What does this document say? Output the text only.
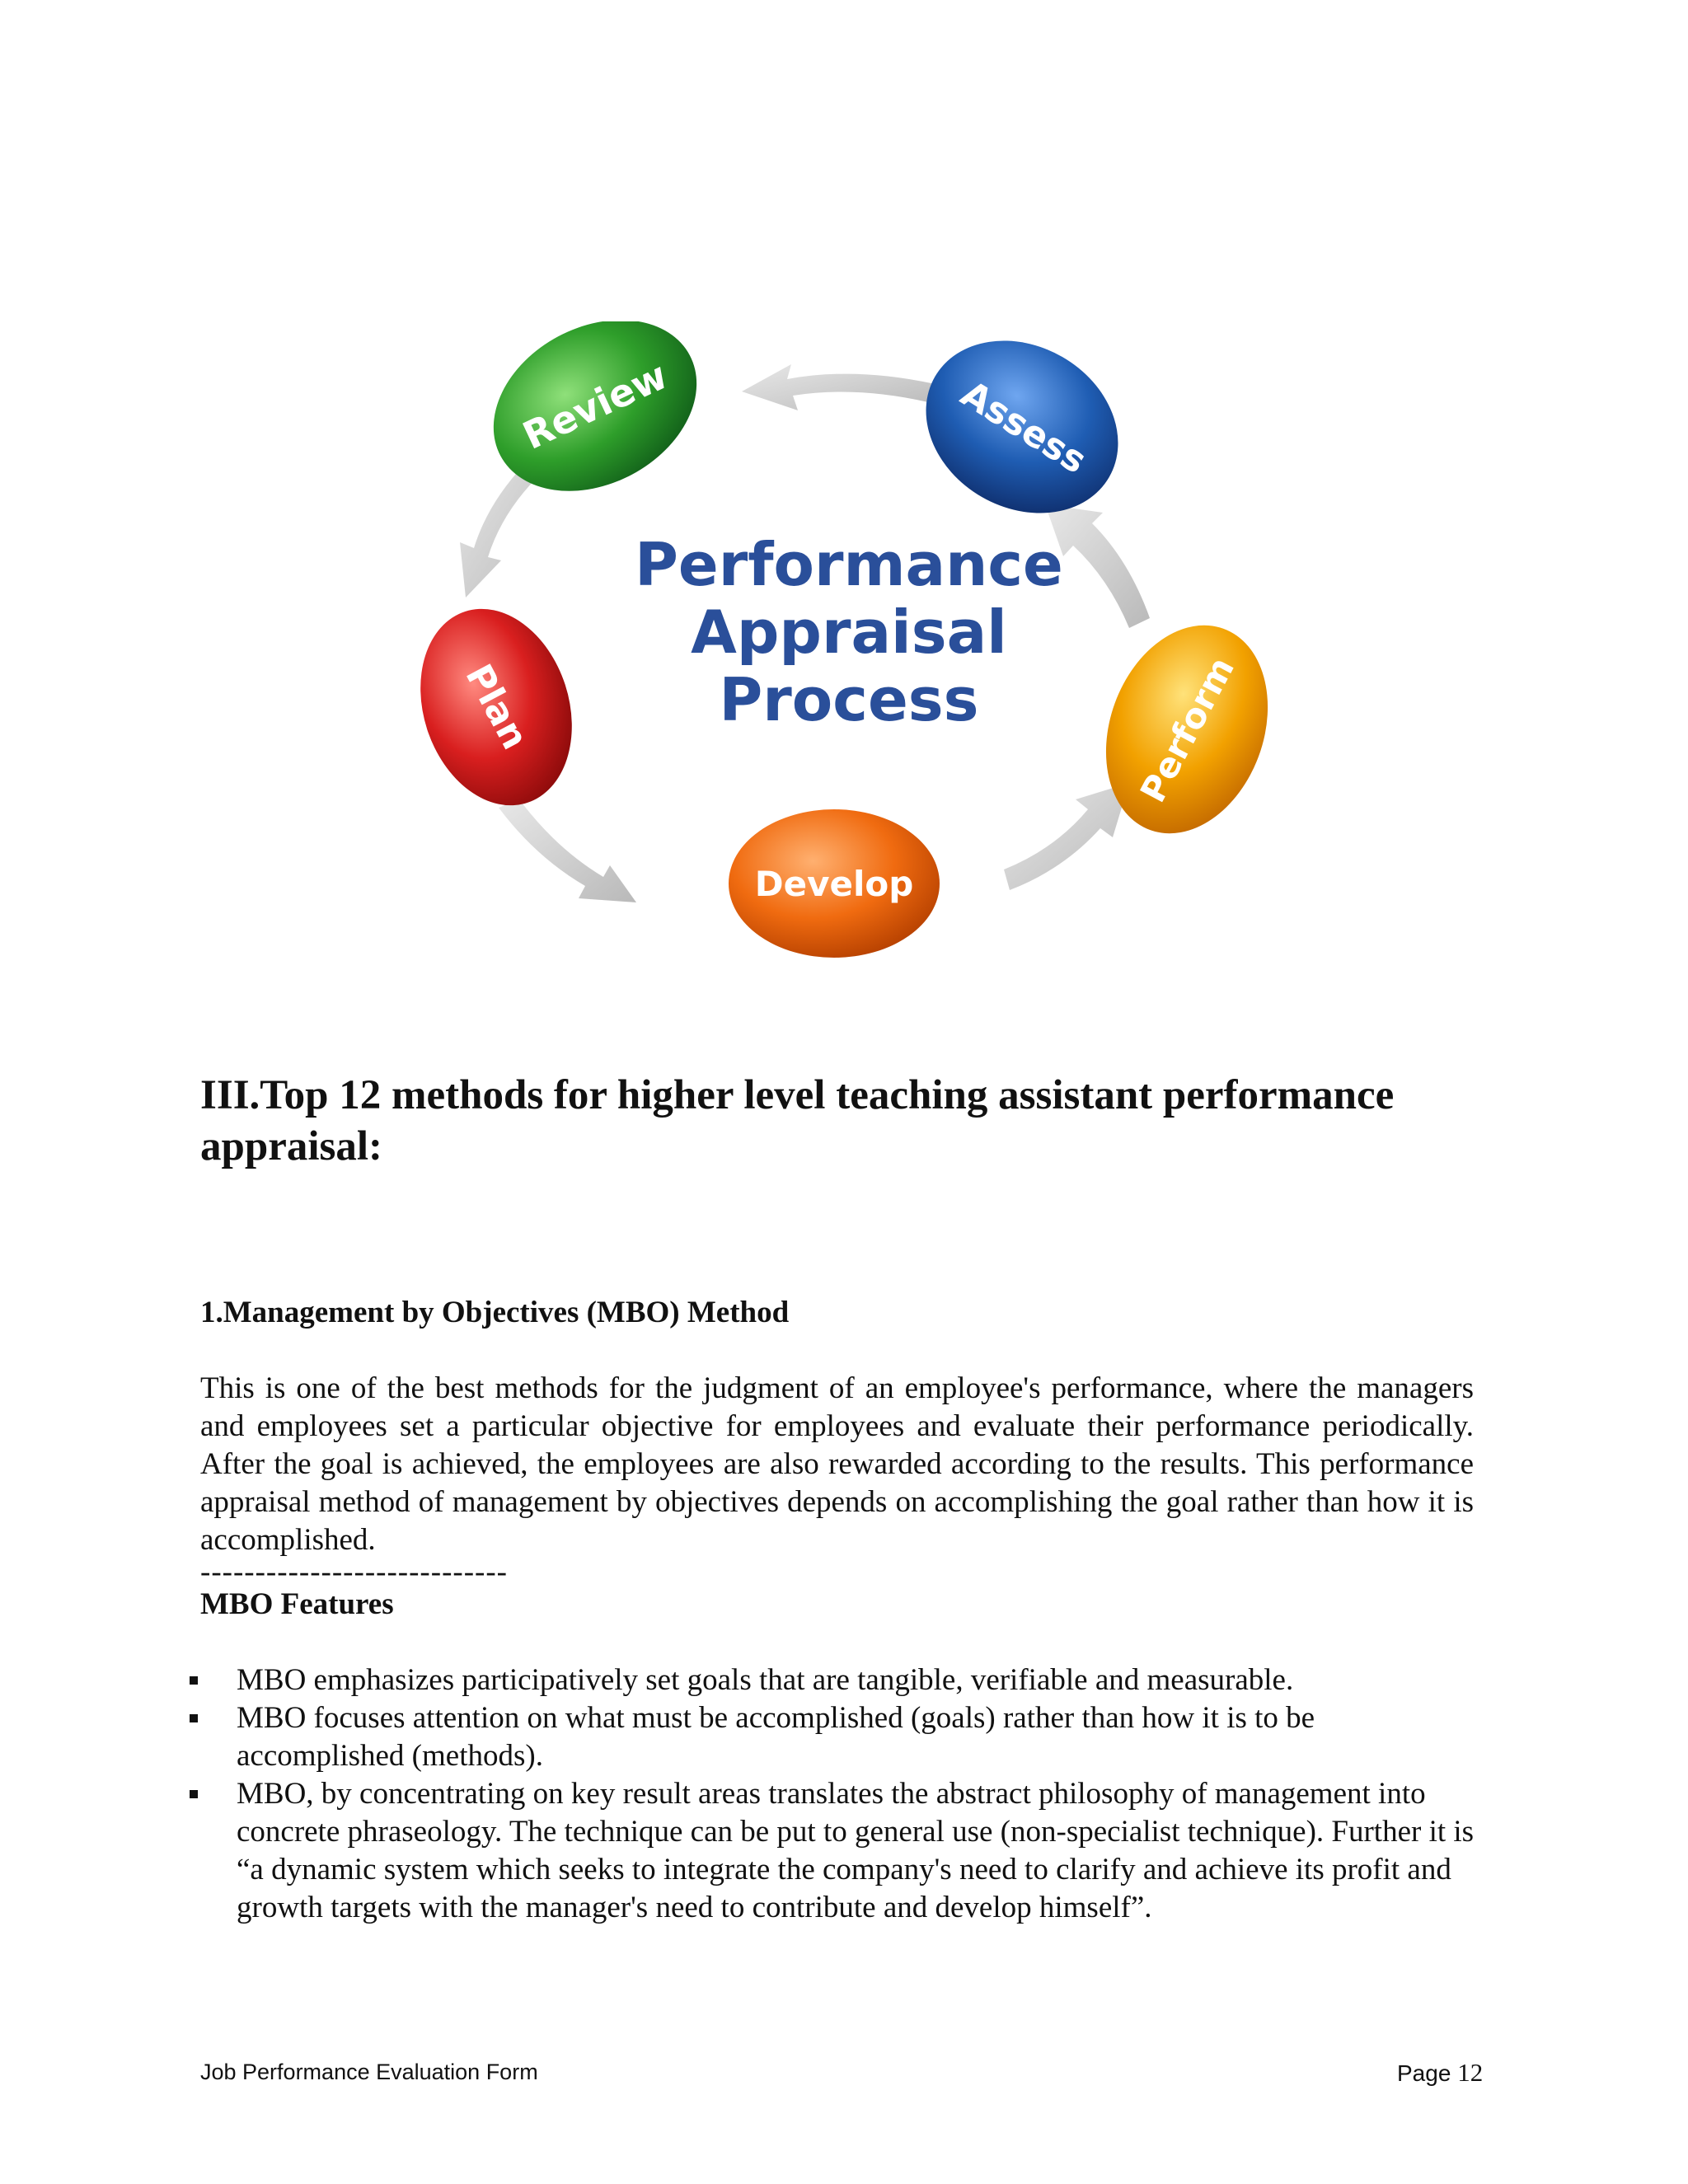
Review	Assess
Perform
Develop
Plan
Performance
Appraisal
Process
III.Top 12 methods for higher level teaching assistant performance appraisal:
1.Management by Objectives (MBO) Method

This is one of the best methods for the judgment of an employee's performance, where the managers and employees set a particular objective for employees and evaluate their performance periodically. After the goal is achieved, the employees are also rewarded according to the results. This performance appraisal method of management by objectives depends on accomplishing the goal rather than how it is accomplished.

----------------------------

MBO Features

MBO emphasizes participatively set goals that are tangible, verifiable and measurable.
MBO focuses attention on what must be accomplished (goals) rather than how it is to be accomplished (methods).
MBO, by concentrating on key result areas translates the abstract philosophy of management into concrete phraseology. The technique can be put to general use (non-specialist technique). Further it is “a dynamic system which seeks to integrate the company's need to clarify and achieve its profit and growth targets with the manager's need to contribute and develop himself”.
Job Performance Evaluation Form	Page 12
